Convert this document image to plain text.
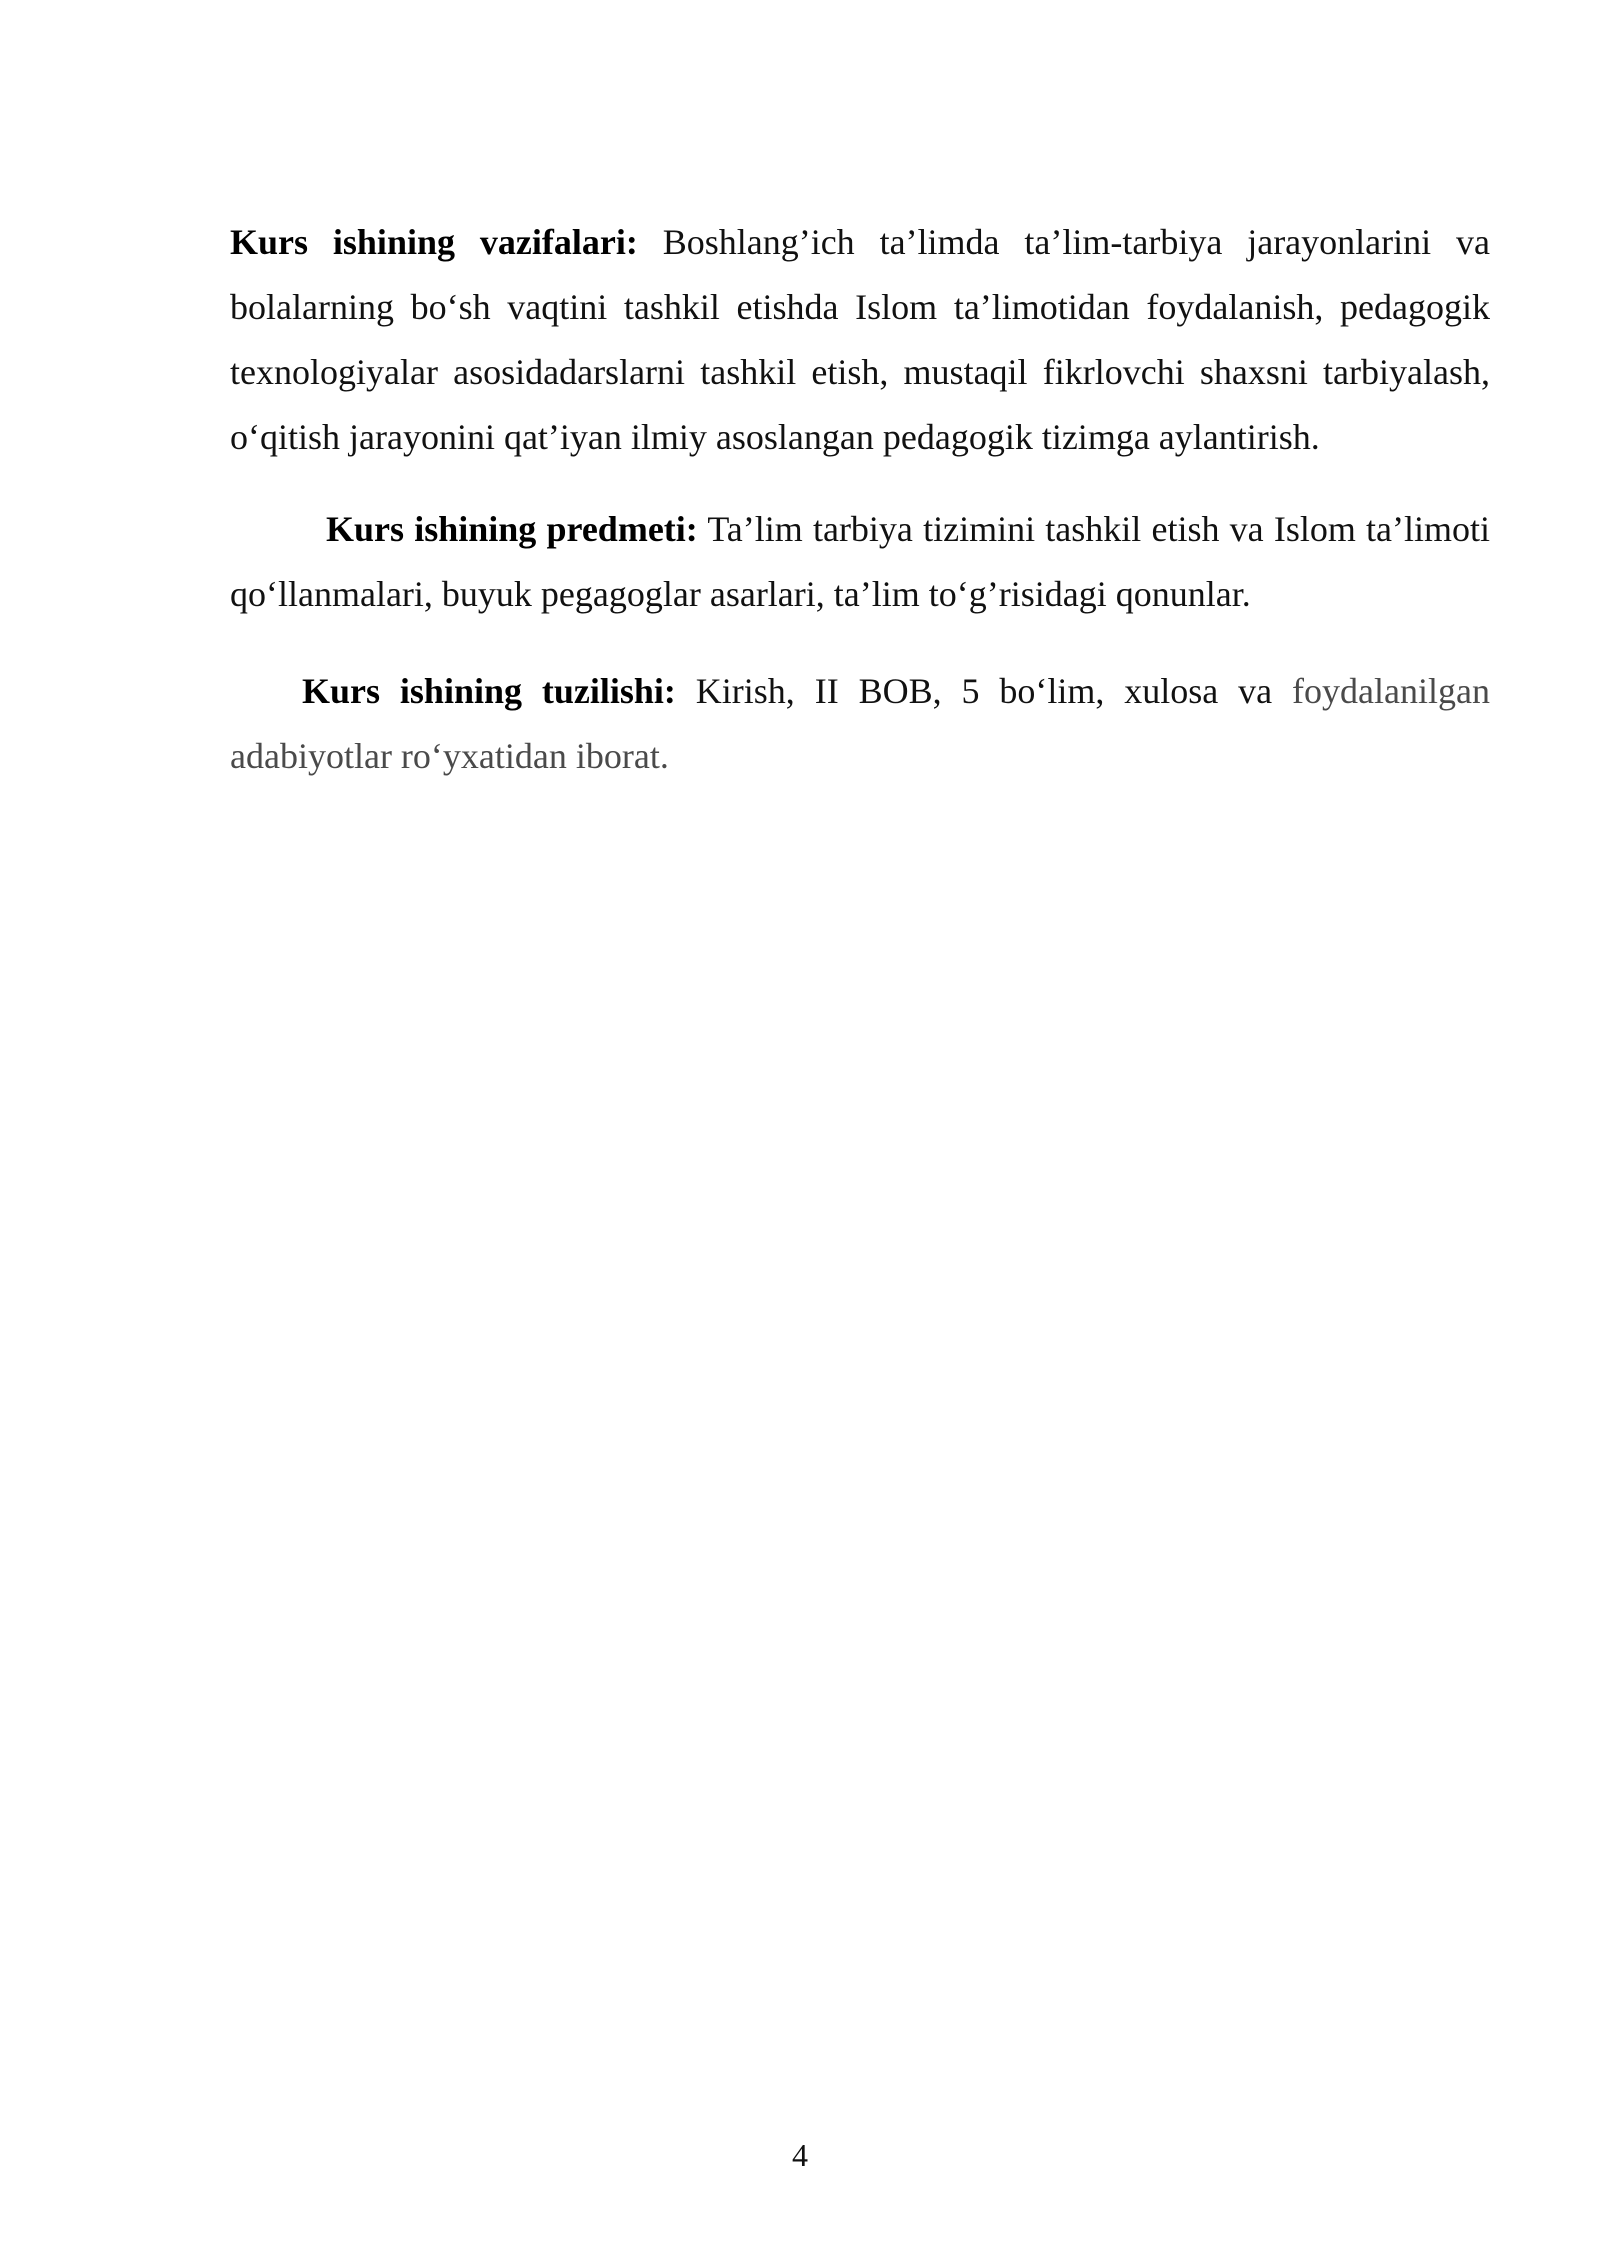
Kurs ishining vazifalari: Boshlang’ich ta’limda ta’lim-tarbiya jarayonlarini va bolalarning bo‘sh vaqtini tashkil etishda Islom ta’limotidan foydalanish, pedagogik texnologiyalar asosidadarslarni tashkil etish, mustaqil fikrlovchi shaxsni tarbiyalash, o‘qitish jarayonini qat’iyan ilmiy asoslangan pedagogik tizimga aylantirish.

Kurs ishining predmeti: Ta’lim tarbiya tizimini tashkil etish va Islom ta’limoti qo‘llanmalari, buyuk pegagoglar asarlari, ta’lim to‘g’risidagi qonunlar.

Kurs ishining tuzilishi: Kirish, II BOB, 5 bo‘lim, xulosa va foydalanilgan adabiyotlar ro‘yxatidan iborat.

4
